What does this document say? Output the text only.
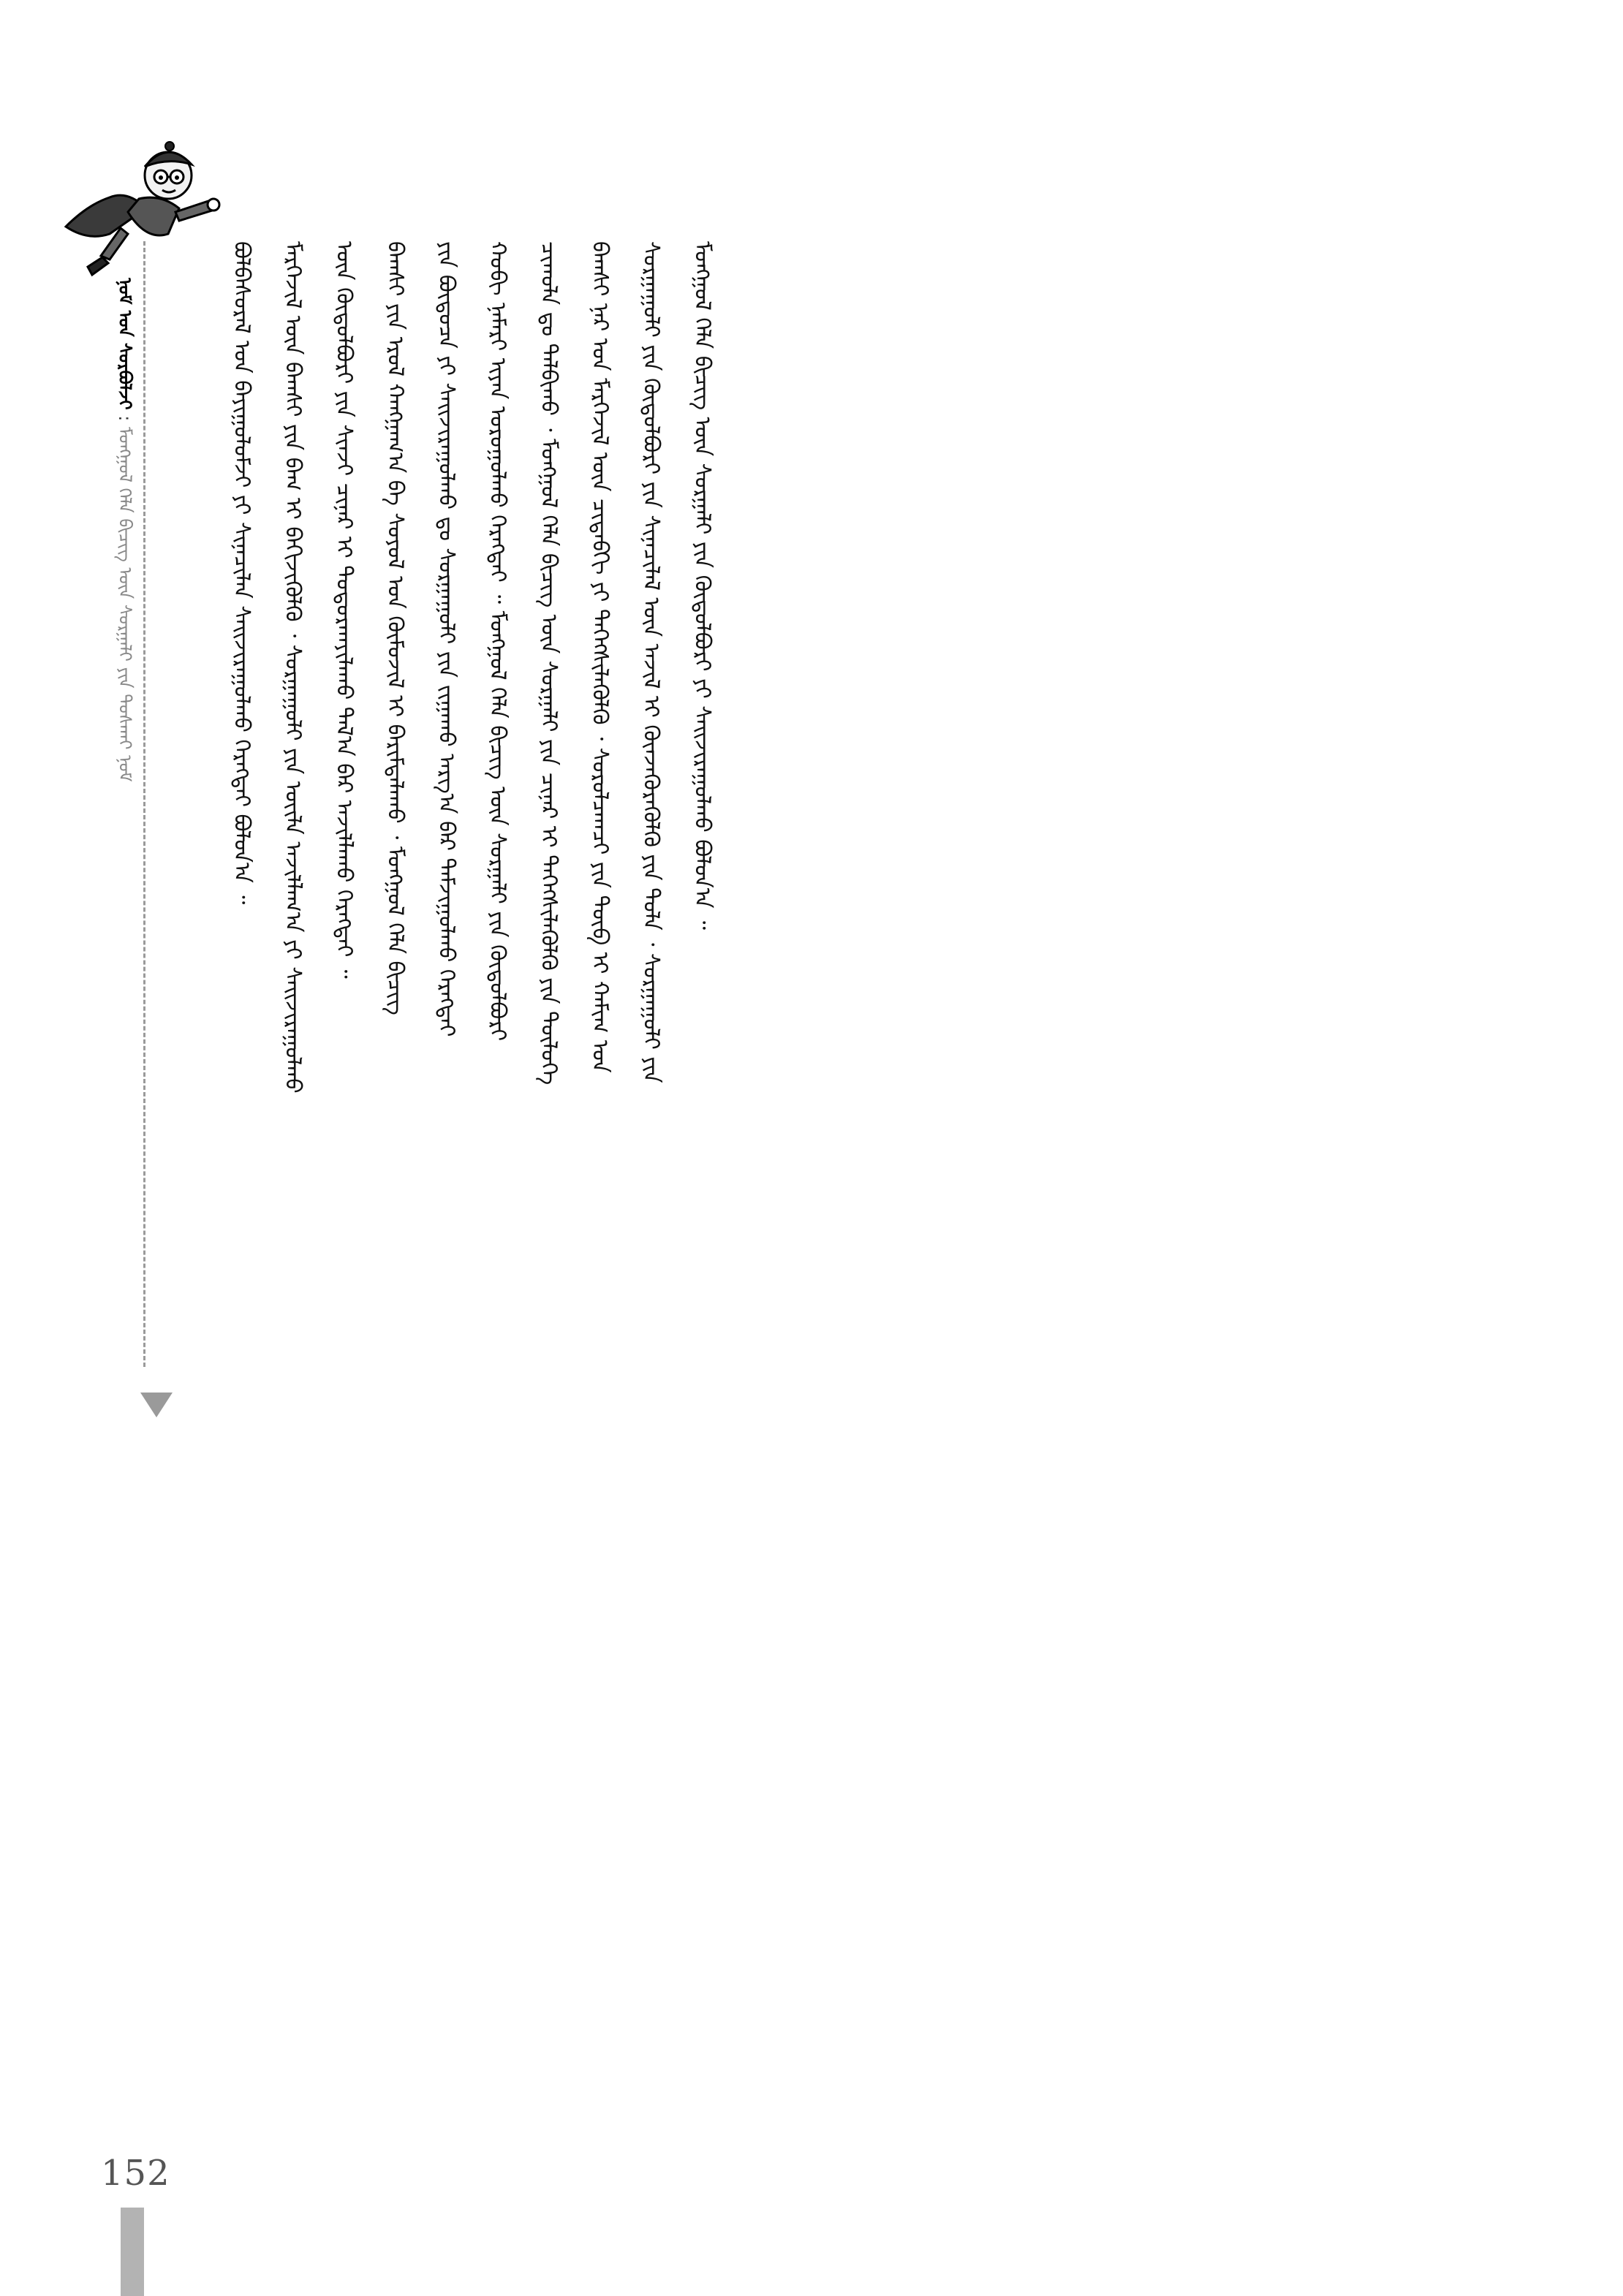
ᠨᠣᠮ ᠤᠨ ᠰᠤᠷᠪᠤᠯᠵᠢ : ᠮᠣᠩᠭᠣᠯ ᠬᠡᠯᠡ ᠪᠢᠴᠢᠭ ᠦᠨ ᠰᠤᠷᠭᠠᠯᠢ ᠶᠢᠨ ᠲᠤᠰᠬᠠᠢ ᠨᠣᠮ	ᠮᠣᠩᠭᠣᠯ ᠬᠡᠯᠡ ᠪᠢᠴᠢᠭ ᠦᠨ ᠰᠤᠷᠭᠠᠯᠢ ᠶᠢᠨ ᠬᠥᠲᠦᠯᠪᠦᠷᠢ ᠶᠢ ᠰᠠᠢᠵᠢᠷᠠᠭᠤᠯᠬᠤ ᠪᠣᠯᠤᠨ᠎ᠠ ᠃
ᠰᠤᠷᠭᠠᠭᠤᠯᠢ ᠶᠢᠨ ᠬᠥᠲᠦᠯᠪᠦᠷᠢ ᠶᠢᠨ ᠰᠢᠨᠡᠴᠢᠯᠡᠯ ᠦᠨ ᠠᠵᠢᠯ ᠢ ᠭᠦᠨᠵᠡᠭᠦᠷᠡᠭᠦᠯᠬᠦ ᠶᠢᠨ ᠲᠤᠯᠠ ᠂ ᠰᠤᠷᠭᠠᠭᠤᠯᠢ ᠶᠢᠨ
ᠪᠠᠭᠰᠢ ᠨᠠᠷ ᠤᠨ ᠮᠡᠷᠭᠡᠵᠢᠯ ᠦᠨ ᠴᠢᠳᠠᠪᠬᠢ ᠶᠢ ᠳᠡᠭᠡᠭᠰᠢᠯᠡᠭᠦᠯᠬᠦ ᠂ ᠰᠤᠷᠤᠯᠴᠠᠭᠴᠢ ᠶᠢᠨ ᠲᠥᠪ ᠢ ᠬᠠᠮᠢᠭ ᠤᠨ
ᠴᠢᠬᠤᠯᠠ ᠳᠤ ᠲᠠᠯᠪᠢᠬᠤ ᠂ ᠮᠣᠩᠭᠣᠯ ᠬᠡᠯᠡ ᠪᠢᠴᠢᠭ ᠦᠨ ᠰᠤᠷᠭᠠᠯᠢ ᠶᠢᠨ ᠴᠢᠨᠠᠷ ᠢ ᠳᠡᠭᠡᠭᠰᠢᠯᠡᠭᠦᠯᠬᠦ ᠶᠢᠨ ᠲᠥᠯᠦᠭᠡ
ᠬᠤᠪᠢ ᠨᠡᠮᠡᠷᠢ ᠢᠶᠡᠨ ᠣᠷᠤᠭᠤᠯᠬᠤ ᠬᠡᠷᠡᠭᠲᠡᠢ ᠃ ᠮᠣᠩᠭᠣᠯ ᠬᠡᠯᠡ ᠪᠢᠴᠢᠭ ᠦᠨ ᠰᠤᠷᠭᠠᠯᠢ ᠶᠢᠨ ᠬᠥᠲᠦᠯᠪᠦᠷᠢ
ᠶᠢᠨ ᠪᠦᠲᠦᠴᠡ ᠶᠢ ᠰᠠᠢᠵᠢᠷᠠᠭᠤᠯᠬᠤ ᠳᠤ ᠰᠤᠷᠭᠠᠭᠤᠯᠢ ᠶᠢᠨ ᠵᠢᠭᠠᠬᠤ ᠠᠷᠭ᠎ᠠ ᠪᠠᠷ ᠳᠠᠮᠵᠢᠭᠤᠯᠬᠤ ᠬᠡᠷᠡᠭᠲᠡᠢ
ᠪᠠᠭᠰᠢ ᠶᠢᠨ ᠡᠷᠦᠯ ᠬᠠᠩᠭᠠᠭ᠎ᠠ ᠪᠠ ᠰᠣᠶᠣᠯ ᠤᠨ ᠬᠦᠮᠦᠵᠢᠯ ᠢ ᠪᠠᠷᠢᠮᠲᠠᠯᠠᠬᠤ ᠂ ᠮᠣᠩᠭᠣᠯ ᠬᠡᠯᠡ ᠪᠢᠴᠢᠭ
ᠦᠨ ᠬᠥᠲᠦᠯᠪᠦᠷᠢ ᠶᠢᠨ ᠰᠢᠨᠵᠢ ᠴᠢᠨᠠᠷ ᠢ ᠲᠣᠳᠤᠷᠬᠠᠶᠢᠯᠠᠬᠤ ᠲᠠᠯ᠎ᠠ ᠪᠠᠷ ᠠᠵᠢᠯᠯᠠᠬᠤ ᠬᠡᠷᠡᠭᠲᠡᠢ ᠃
ᠮᠡᠷᠭᠡᠵᠢᠯ ᠦᠨ ᠪᠠᠭᠰᠢ ᠶᠢᠨ ᠪᠠᠭ ᠢ ᠪᠡᠬᠢᠵᠢᠭᠦᠯᠬᠦ ᠂ ᠰᠤᠷᠭᠠᠭᠤᠯᠢ ᠶᠢᠨ ᠦᠢᠯᠡ ᠠᠵᠢᠯᠯᠠᠭ᠎ᠠ ᠶᠢ ᠰᠠᠢᠵᠢᠷᠠᠭᠤᠯᠬᠤ
ᠪᠣᠯᠪᠠᠰᠤᠷᠠᠯ ᠤᠨ ᠪᠠᠶᠢᠭᠤᠯᠤᠮᠵᠢ ᠶᠢ ᠰᠢᠨᠡᠴᠢᠯᠡᠨ ᠰᠠᠢᠵᠢᠷᠠᠭᠤᠯᠬᠤ ᠬᠡᠷᠡᠭᠲᠡᠢ ᠪᠣᠯᠤᠨ᠎ᠠ ᠃
152
